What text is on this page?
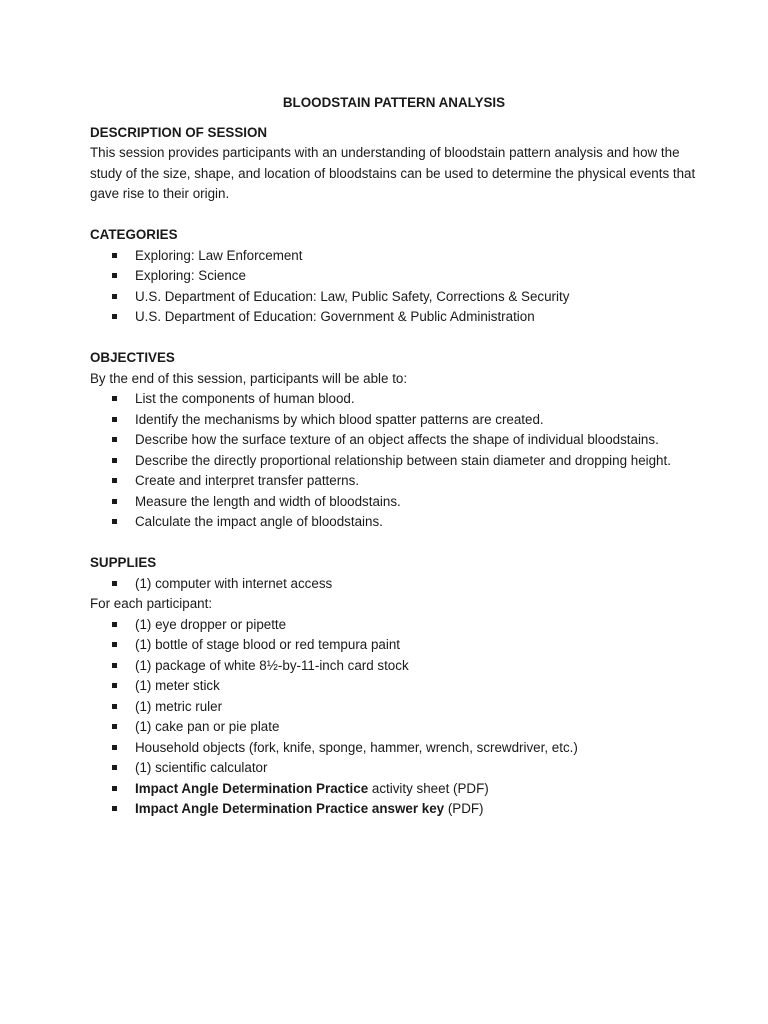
BLOODSTAIN PATTERN ANALYSIS
DESCRIPTION OF SESSION
This session provides participants with an understanding of bloodstain pattern analysis and how the study of the size, shape, and location of bloodstains can be used to determine the physical events that gave rise to their origin.
CATEGORIES
Exploring: Law Enforcement
Exploring: Science
U.S. Department of Education: Law, Public Safety, Corrections & Security
U.S. Department of Education: Government & Public Administration
OBJECTIVES
By the end of this session, participants will be able to:
List the components of human blood.
Identify the mechanisms by which blood spatter patterns are created.
Describe how the surface texture of an object affects the shape of individual bloodstains.
Describe the directly proportional relationship between stain diameter and dropping height.
Create and interpret transfer patterns.
Measure the length and width of bloodstains.
Calculate the impact angle of bloodstains.
SUPPLIES
(1) computer with internet access
For each participant:
(1) eye dropper or pipette
(1) bottle of stage blood or red tempura paint
(1) package of white 8½-by-11-inch card stock
(1) meter stick
(1) metric ruler
(1) cake pan or pie plate
Household objects (fork, knife, sponge, hammer, wrench, screwdriver, etc.)
(1) scientific calculator
Impact Angle Determination Practice activity sheet (PDF)
Impact Angle Determination Practice answer key (PDF)
